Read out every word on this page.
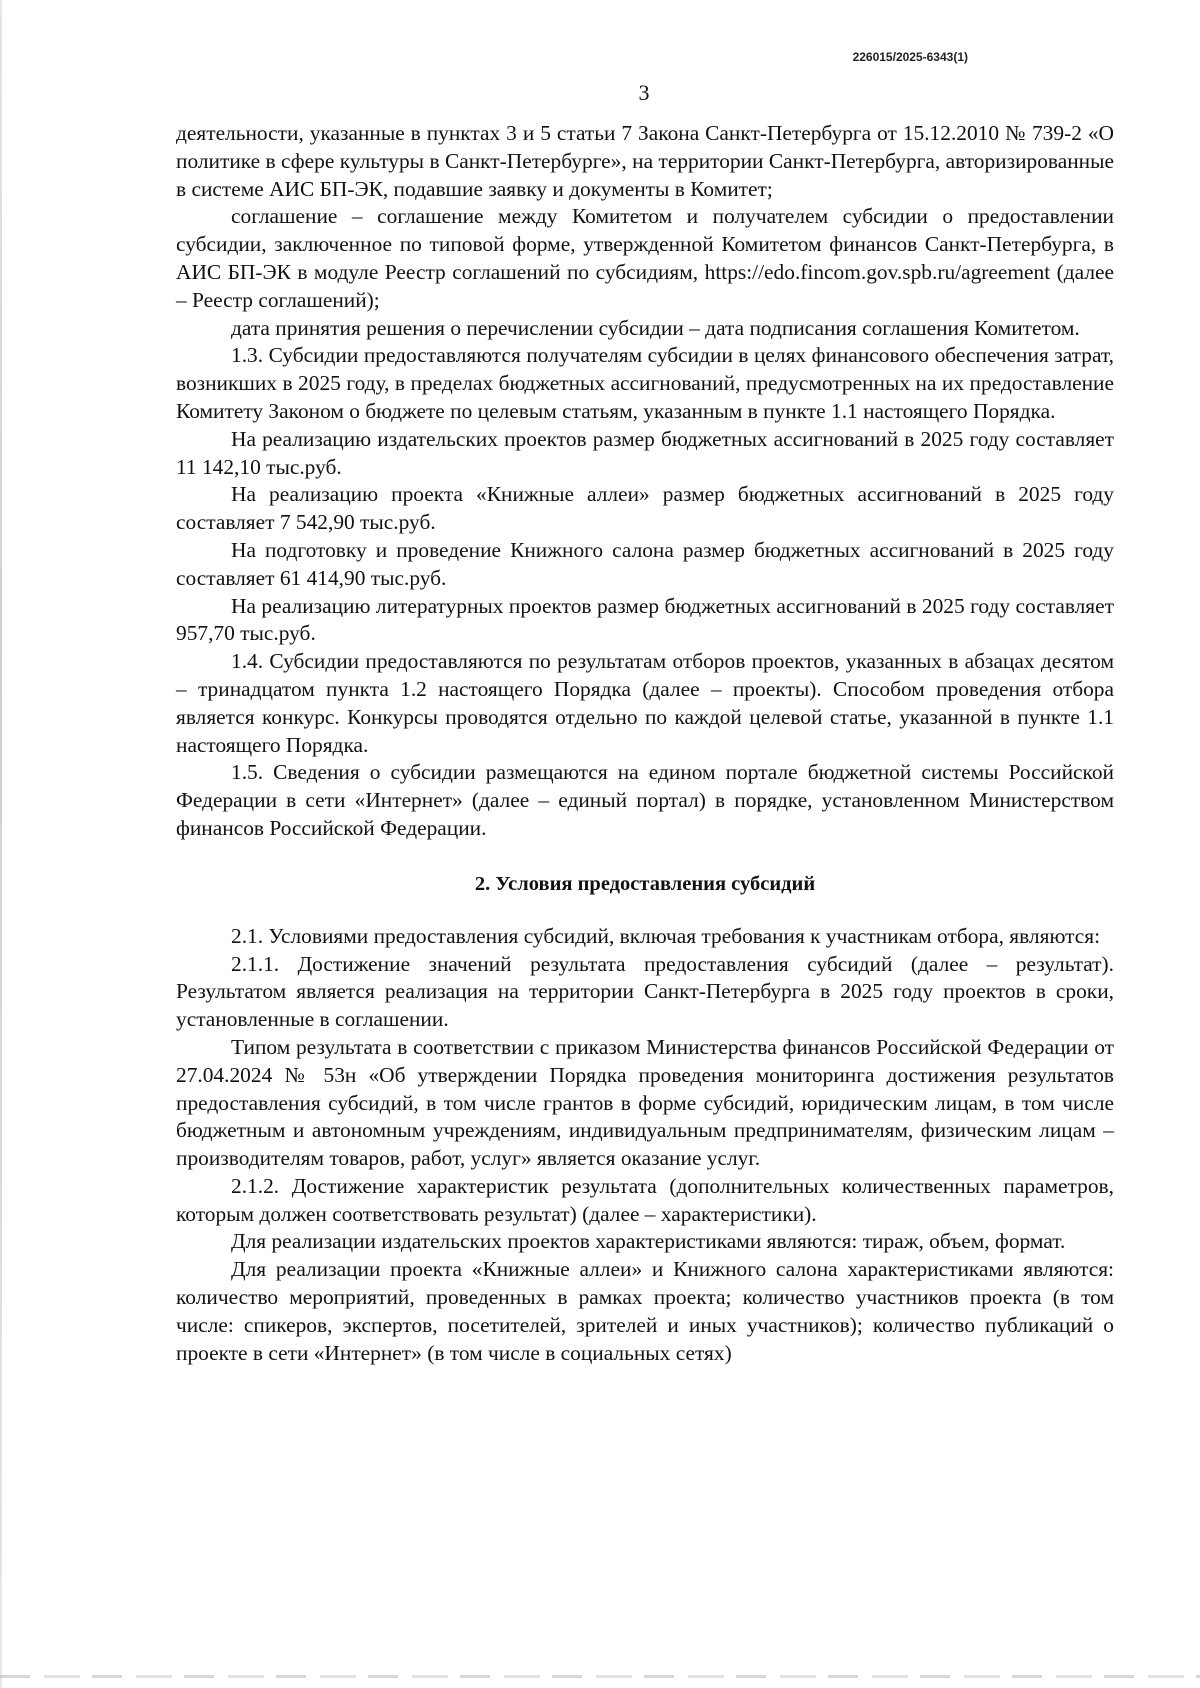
226015/2025-6343(1)
3

деятельности, указанные в пунктах 3 и 5 статьи 7 Закона Санкт-Петербурга от 15.12.2010 № 739-2 «О политике в сфере культуры в Санкт-Петербурге», на территории Санкт-Петербурга, авторизированные в системе АИС БП-ЭК, подавшие заявку и документы в Комитет;

соглашение – соглашение между Комитетом и получателем субсидии о предоставлении субсидии, заключенное по типовой форме, утвержденной Комитетом финансов Санкт-Петербурга, в АИС БП-ЭК в модуле Реестр соглашений по субсидиям, https://edo.fincom.gov.spb.ru/agreement (далее – Реестр соглашений);

дата принятия решения о перечислении субсидии – дата подписания соглашения Комитетом.

1.3. Субсидии предоставляются получателям субсидии в целях финансового обеспечения затрат, возникших в 2025 году, в пределах бюджетных ассигнований, предусмотренных на их предоставление Комитету Законом о бюджете по целевым статьям, указанным в пункте 1.1 настоящего Порядка.

На реализацию издательских проектов размер бюджетных ассигнований в 2025 году составляет 11 142,10 тыс.руб.

На реализацию проекта «Книжные аллеи» размер бюджетных ассигнований в 2025 году составляет 7 542,90 тыс.руб.

На подготовку и проведение Книжного салона размер бюджетных ассигнований в 2025 году составляет 61 414,90 тыс.руб.

На реализацию литературных проектов размер бюджетных ассигнований в 2025 году составляет 957,70 тыс.руб.

1.4. Субсидии предоставляются по результатам отборов проектов, указанных в абзацах десятом – тринадцатом пункта 1.2 настоящего Порядка (далее – проекты). Способом проведения отбора является конкурс. Конкурсы проводятся отдельно по каждой целевой статье, указанной в пункте 1.1 настоящего Порядка.

1.5. Сведения о субсидии размещаются на едином портале бюджетной системы Российской Федерации в сети «Интернет» (далее – единый портал) в порядке, установленном Министерством финансов Российской Федерации.

2. Условия предоставления субсидий

2.1. Условиями предоставления субсидий, включая требования к участникам отбора, являются:

2.1.1. Достижение значений результата предоставления субсидий (далее – результат). Результатом является реализация на территории Санкт-Петербурга в 2025 году проектов в сроки, установленные в соглашении.

Типом результата в соответствии с приказом Министерства финансов Российской Федерации от 27.04.2024 № 53н «Об утверждении Порядка проведения мониторинга достижения результатов предоставления субсидий, в том числе грантов в форме субсидий, юридическим лицам, в том числе бюджетным и автономным учреждениям, индивидуальным предпринимателям, физическим лицам – производителям товаров, работ, услуг» является оказание услуг.

2.1.2. Достижение характеристик результата (дополнительных количественных параметров, которым должен соответствовать результат) (далее – характеристики).

Для реализации издательских проектов характеристиками являются: тираж, объем, формат.

Для реализации проекта «Книжные аллеи» и Книжного салона характеристиками являются: количество мероприятий, проведенных в рамках проекта; количество участников проекта (в том числе: спикеров, экспертов, посетителей, зрителей и иных участников); количество публикаций о проекте в сети «Интернет» (в том числе в социальных сетях)
